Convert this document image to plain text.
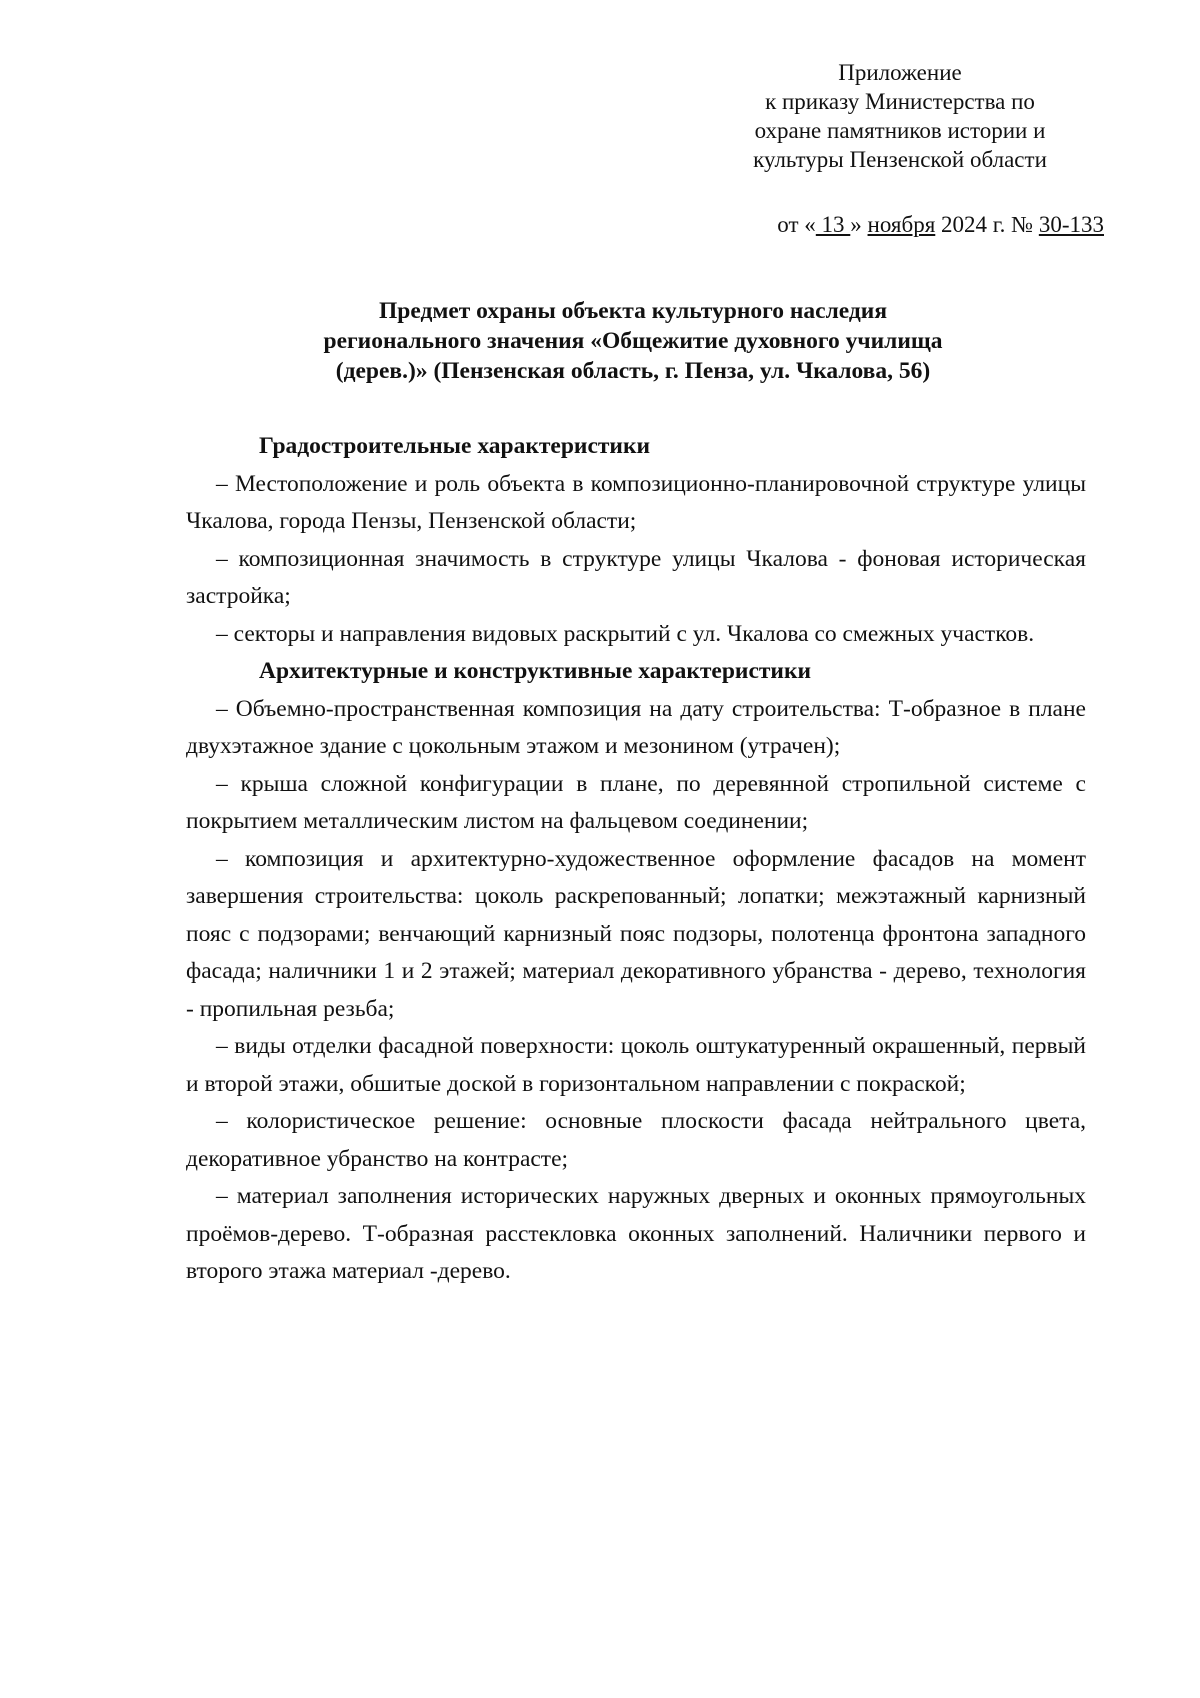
Приложение
к приказу Министерства по
охране памятников истории и
культуры Пензенской области
от « 13 » ноября 2024 г. № 30-133
Предмет охраны объекта культурного наследия
регионального значения «Общежитие духовного училища
(дерев.)» (Пензенская область, г. Пенза, ул. Чкалова, 56)

Градостроительные характеристики

– Местоположение и роль объекта в композиционно-планировочной структуре улицы Чкалова, города Пензы, Пензенской области;

– композиционная значимость в структуре улицы Чкалова - фоновая историческая застройка;

– секторы и направления видовых раскрытий с ул. Чкалова со смежных участков.

Архитектурные и конструктивные характеристики

– Объемно-пространственная композиция на дату строительства: Т-образное в плане двухэтажное здание с цокольным этажом и мезонином (утрачен);

– крыша сложной конфигурации в плане, по деревянной стропильной системе с покрытием металлическим листом на фальцевом соединении;

– композиция и архитектурно-художественное оформление фасадов на момент завершения строительства: цоколь раскрепованный; лопатки; межэтажный карнизный пояс с подзорами; венчающий карнизный пояс подзоры, полотенца фронтона западного фасада; наличники 1 и 2 этажей; материал декоративного убранства - дерево, технология - пропильная резьба;

– виды отделки фасадной поверхности: цоколь оштукатуренный окрашенный, первый и второй этажи, обшитые доской в горизонтальном направлении с покраской;

– колористическое решение: основные плоскости фасада нейтрального цвета, декоративное убранство на контрасте;

– материал заполнения исторических наружных дверных и оконных прямоугольных проёмов-дерево. Т-образная расстекловка оконных заполнений. Наличники первого и второго этажа материал -дерево.
